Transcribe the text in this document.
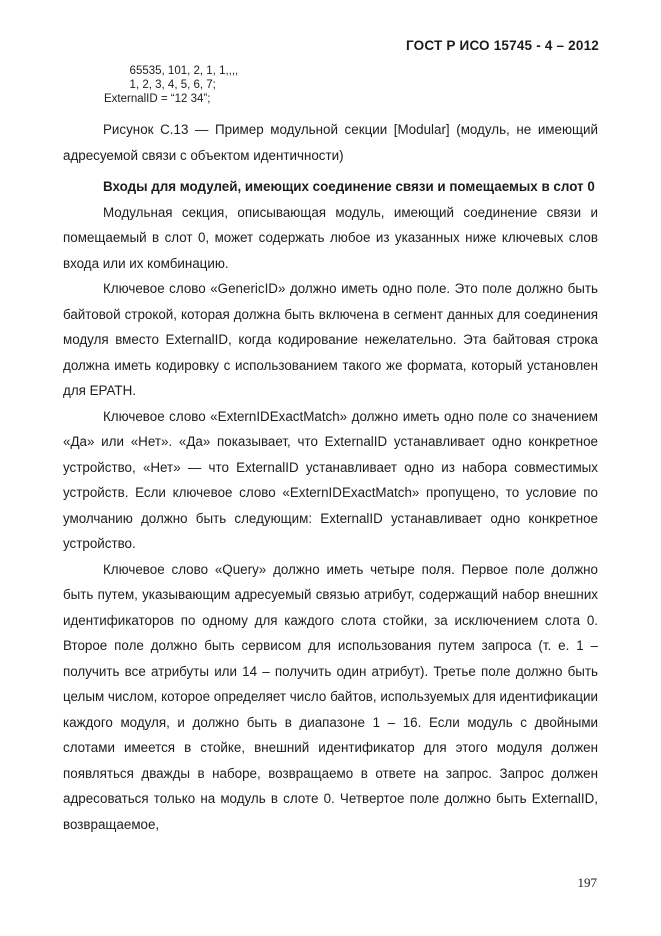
ГОСТ Р ИСО 15745 - 4 – 2012
65535, 101, 2, 1, 1,,,,
1, 2, 3, 4, 5, 6, 7;
ExternalID = “12 34”;

Рисунок С.13 — Пример модульной секции [Modular] (модуль, не имеющий адресуемой связи с объектом идентичности)

Входы для модулей, имеющих соединение связи и помещаемых в слот 0

Модульная секция, описывающая модуль, имеющий соединение связи и помещаемый в слот 0, может содержать любое из указанных ниже ключевых слов входа или их комбинацию.

Ключевое слово «GenericID» должно иметь одно поле. Это поле должно быть байтовой строкой, которая должна быть включена в сегмент данных для соединения модуля вместо ExternalID, когда кодирование нежелательно. Эта байтовая строка должна иметь кодировку с использованием такого же формата, который установлен для EPATH.

Ключевое слово «ExternIDExactMatch» должно иметь одно поле со значением «Да» или «Нет». «Да» показывает, что ExternalID устанавливает одно конкретное устройство, «Нет» — что ExternalID устанавливает одно из набора совместимых устройств. Если ключевое слово «ExternIDExactMatch» пропущено, то условие по умолчанию должно быть следующим: ExternalID устанавливает одно конкретное устройство.

Ключевое слово «Query» должно иметь четыре поля. Первое поле должно быть путем, указывающим адресуемый связью атрибут, содержащий набор внешних идентификаторов по одному для каждого слота стойки, за исключением слота 0. Второе поле должно быть сервисом для использования путем запроса (т. е. 1 – получить все атрибуты или 14 – получить один атрибут). Третье поле должно быть целым числом, которое определяет число байтов, используемых для идентификации каждого модуля, и должно быть в диапазоне 1 – 16. Если модуль с двойными слотами имеется в стойке, внешний идентификатор для этого модуля должен появляться дважды в наборе, возвращаемо в ответе на запрос. Запрос должен адресоваться только на модуль в слоте 0. Четвертое поле должно быть ExternalID, возвращаемое,

197
